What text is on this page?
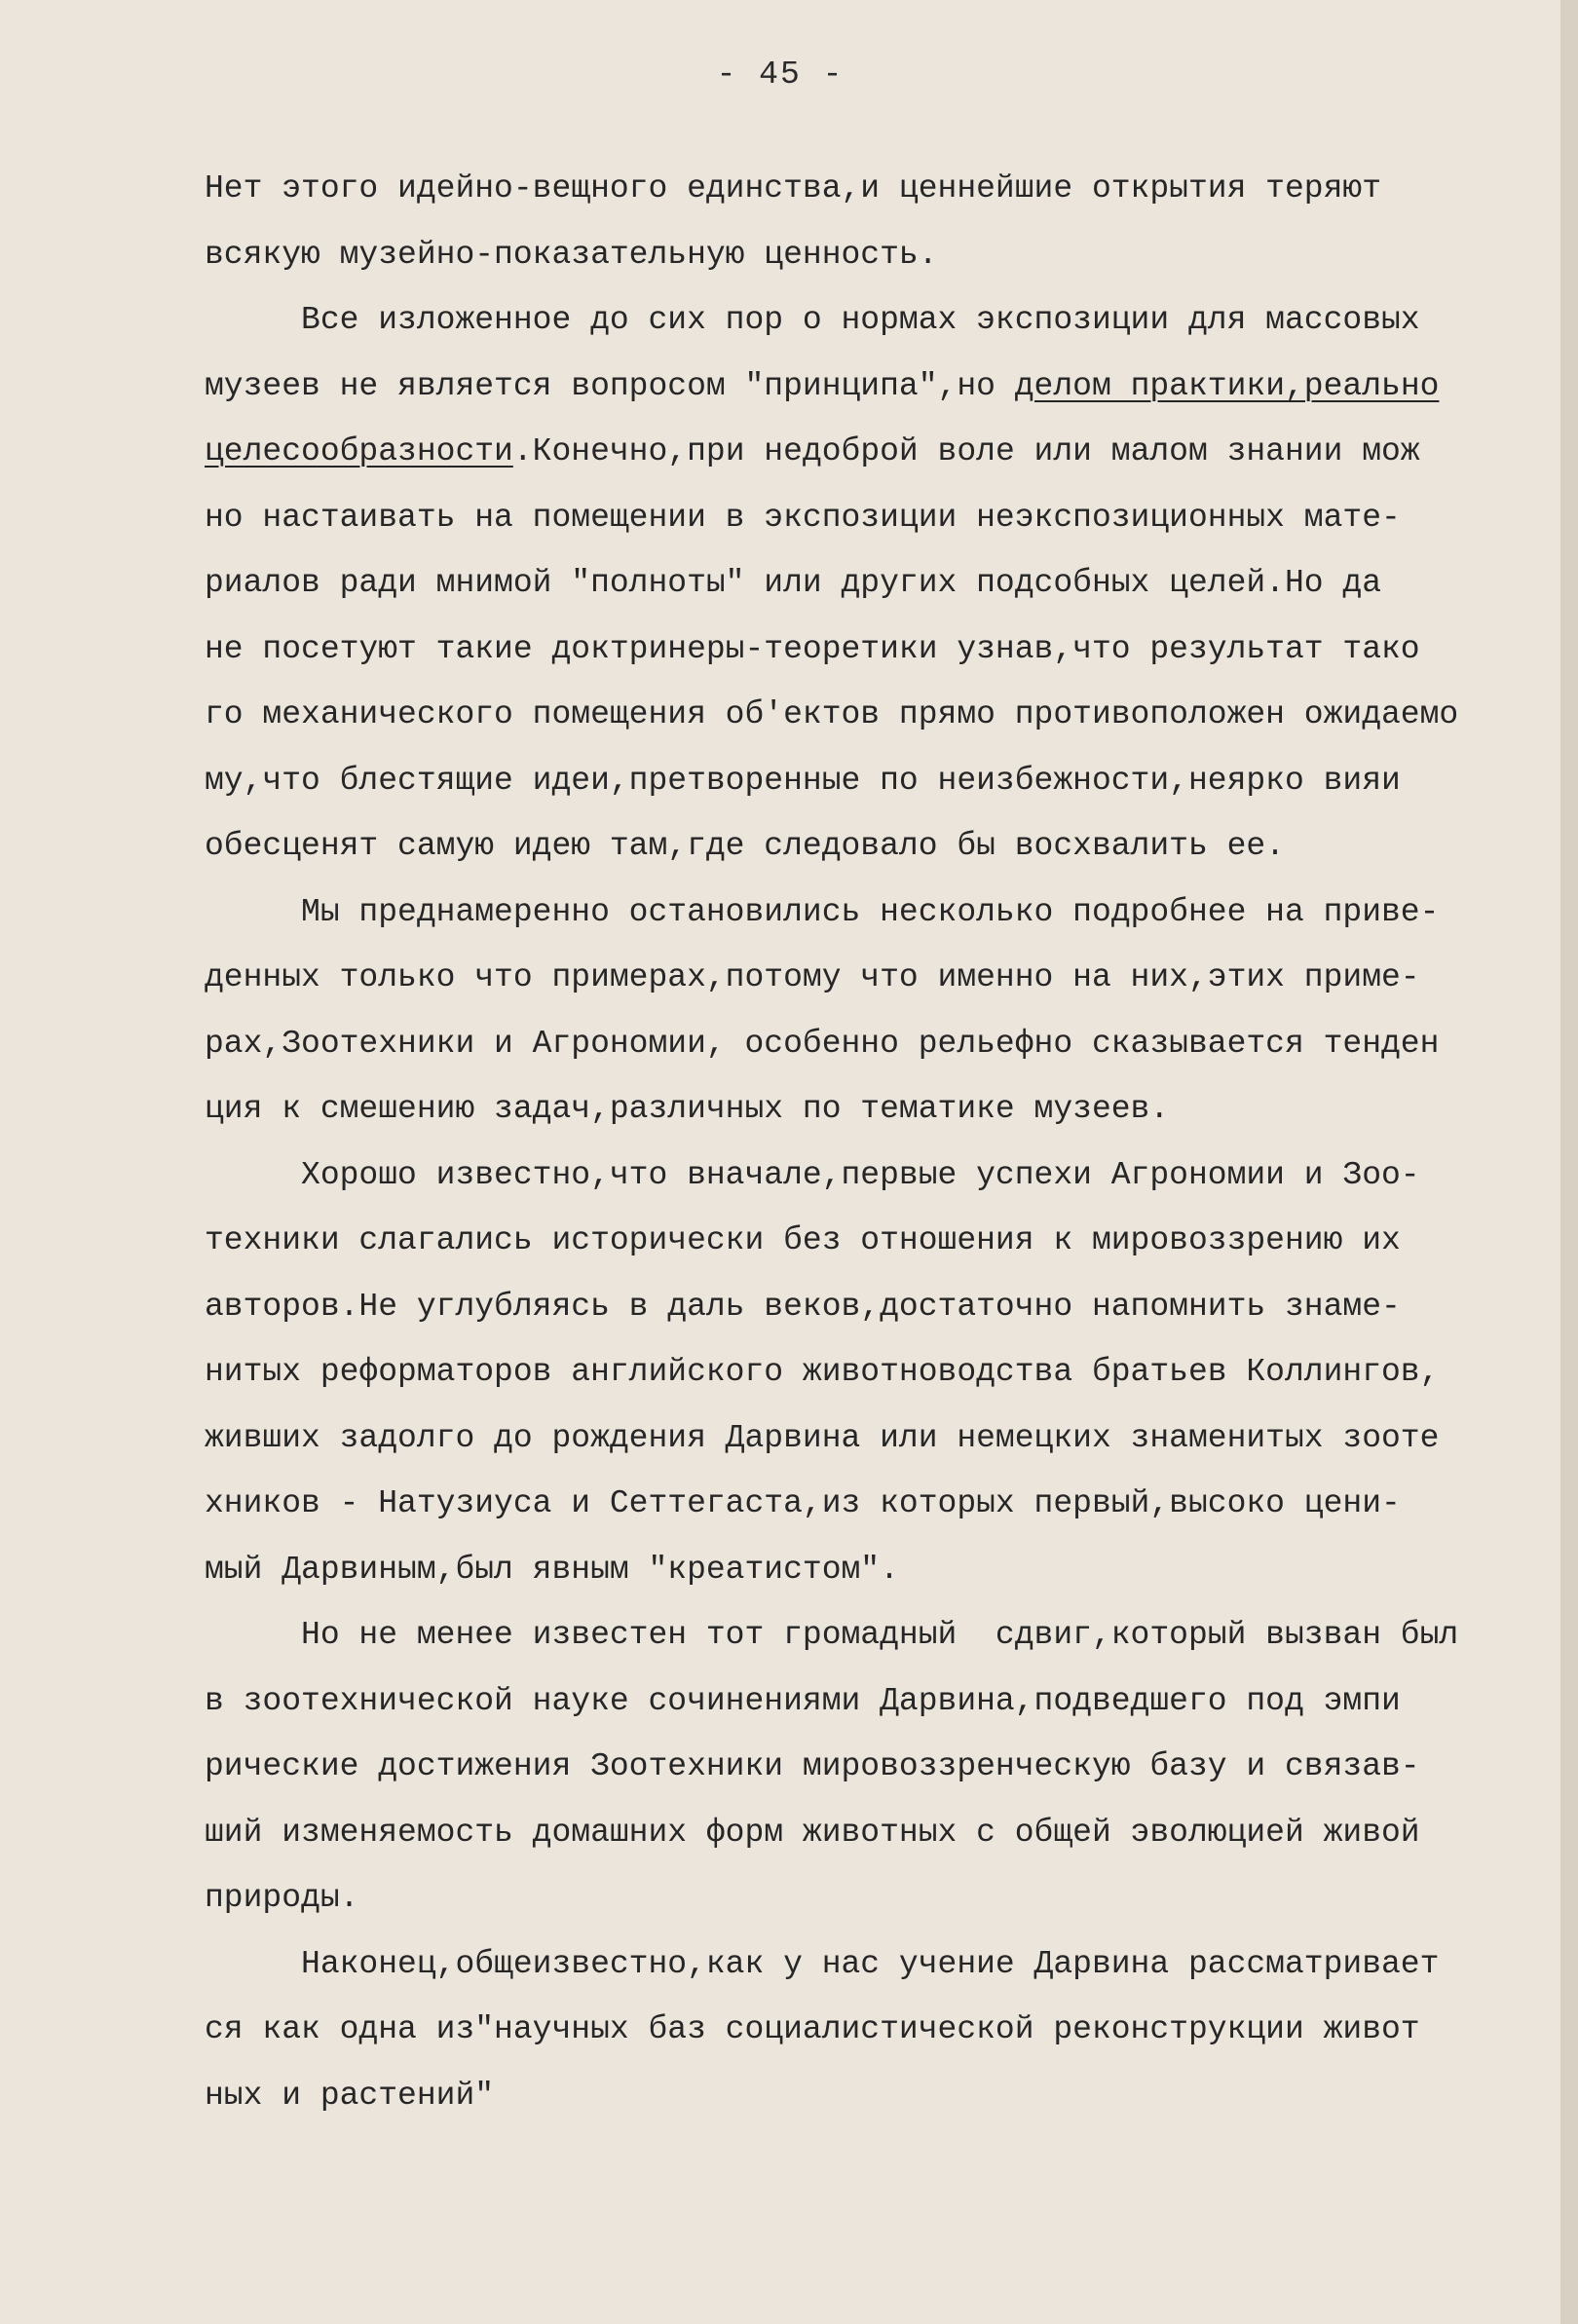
- 45 -
Нет этого идейно-вещного единства,и ценнейшие открытия теряют
всякую музейно-показательную ценность.
Все изложенное до сих пор о нормах экспозиции для массовых
музеев не является вопросом "принципа",но делом практики,реально
целесообразности.Конечно,при недоброй воле или малом знании мож
но настаивать на помещении в экспозиции неэкспозиционных мате-
риалов ради мнимой "полноты" или других подсобных целей.Но да
не посетуют такие доктринеры-теоретики узнав,что результат тако
го механического помещения об'ектов прямо противоположен ожидаемо
му,что блестящие идеи,претворенные по неизбежности,неярко вияи
обесценят самую идею там,где следовало бы восхвалить ее.
Мы преднамеренно остановились несколько подробнее на приве-
денных только что примерах,потому что именно на них,этих приме-
рах,Зоотехники и Агрономии, особенно рельефно сказывается тенден
ция к смешению задач,различных по тематике музеев.
Хорошо известно,что вначале,первые успехи Агрономии и Зоо-
техники слагались исторически без отношения к мировоззрению их
авторов.Не углубляясь в даль веков,достаточно напомнить знаме-
нитых реформаторов английского животноводства братьев Коллингов,
живших задолго до рождения Дарвина или немецких знаменитых зооте
хников - Натузиуса и Сеттегаста,из которых первый,высоко цени-
мый Дарвиным,был явным "креатистом".
Но не менее известен тот громадный  сдвиг,который вызван был
в зоотехнической науке сочинениями Дарвина,подведшего под эмпи
рические достижения Зоотехники мировоззренческую базу и связав-
ший изменяемость домашних форм животных с общей эволюцией живой
природы.
Наконец,общеизвестно,как у нас учение Дарвина рассматривает
ся как одна из"научных баз социалистической реконструкции живот
ных и растений"
